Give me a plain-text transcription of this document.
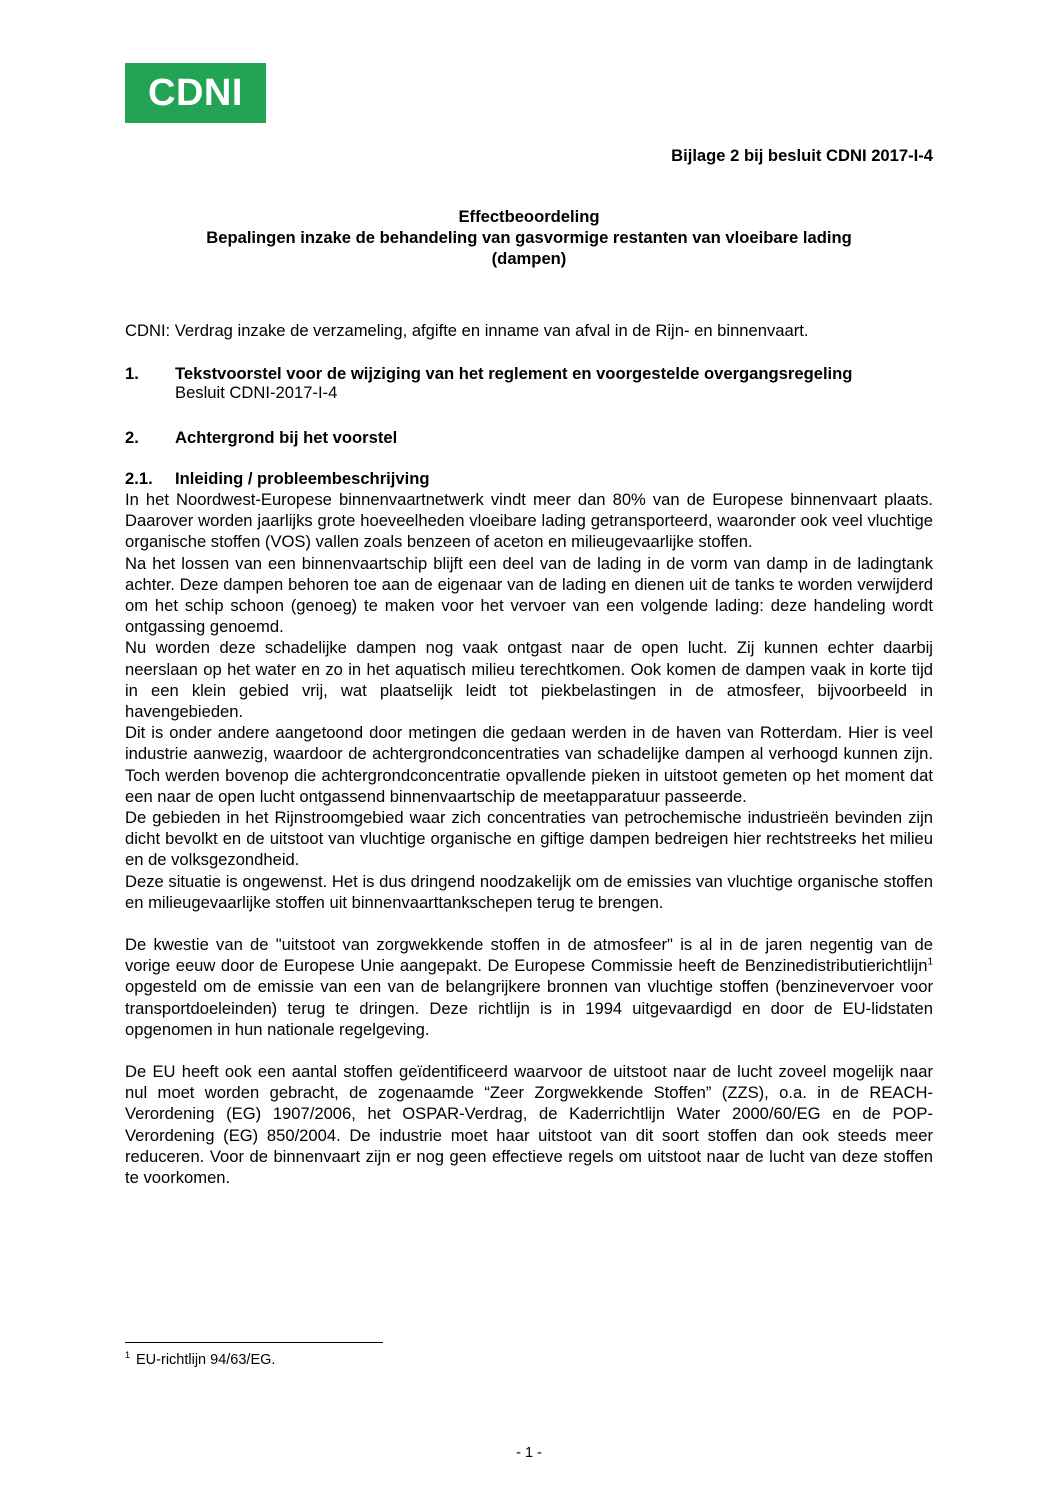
CDNI
Bijlage 2 bij besluit CDNI 2017-I-4
Effectbeoordeling
Bepalingen inzake de behandeling van gasvormige restanten van vloeibare lading
(dampen)
CDNI: Verdrag inzake de verzameling, afgifte en inname van afval in de Rijn- en binnenvaart.
1. Tekstvoorstel voor de wijziging van het reglement en voorgestelde overgangsregeling
Besluit CDNI-2017-I-4
2. Achtergrond bij het voorstel
2.1. Inleiding / probleembeschrijving

In het Noordwest-Europese binnenvaartnetwerk vindt meer dan 80% van de Europese binnenvaart plaats. Daarover worden jaarlijks grote hoeveelheden vloeibare lading getransporteerd, waaronder ook veel vluchtige organische stoffen (VOS) vallen zoals benzeen of aceton en milieugevaarlijke stoffen.

Na het lossen van een binnenvaartschip blijft een deel van de lading in de vorm van damp in de ladingtank achter. Deze dampen behoren toe aan de eigenaar van de lading en dienen uit de tanks te worden verwijderd om het schip schoon (genoeg) te maken voor het vervoer van een volgende lading: deze handeling wordt ontgassing genoemd.

Nu worden deze schadelijke dampen nog vaak ontgast naar de open lucht. Zij kunnen echter daarbij neerslaan op het water en zo in het aquatisch milieu terechtkomen. Ook komen de dampen vaak in korte tijd in een klein gebied vrij, wat plaatselijk leidt tot piekbelastingen in de atmosfeer, bijvoorbeeld in havengebieden.

Dit is onder andere aangetoond door metingen die gedaan werden in de haven van Rotterdam. Hier is veel industrie aanwezig, waardoor de achtergrondconcentraties van schadelijke dampen al verhoogd kunnen zijn. Toch werden bovenop die achtergrondconcentratie opvallende pieken in uitstoot gemeten op het moment dat een naar de open lucht ontgassend binnenvaartschip de meetapparatuur passeerde.

De gebieden in het Rijnstroomgebied waar zich concentraties van petrochemische industrieën bevinden zijn dicht bevolkt en de uitstoot van vluchtige organische en giftige dampen bedreigen hier rechtstreeks het milieu en de volksgezondheid.

Deze situatie is ongewenst. Het is dus dringend noodzakelijk om de emissies van vluchtige organische stoffen en milieugevaarlijke stoffen uit binnenvaarttankschepen terug te brengen.

De kwestie van de "uitstoot van zorgwekkende stoffen in de atmosfeer" is al in de jaren negentig van de vorige eeuw door de Europese Unie aangepakt. De Europese Commissie heeft de Benzinedistributierichtlijn$^1$ opgesteld om de emissie van een van de belangrijkere bronnen van vluchtige stoffen (benzinevervoer voor transportdoeleinden) terug te dringen. Deze richtlijn is in 1994 uitgevaardigd en door de EU-lidstaten opgenomen in hun nationale regelgeving.

De EU heeft ook een aantal stoffen geïdentificeerd waarvoor de uitstoot naar de lucht zoveel mogelijk naar nul moet worden gebracht, de zogenaamde “Zeer Zorgwekkende Stoffen” (ZZS), o.a. in de REACH-Verordening (EG) 1907/2006, het OSPAR-Verdrag, de Kaderrichtlijn Water 2000/60/EG en de POP-Verordening (EG) 850/2004. De industrie moet haar uitstoot van dit soort stoffen dan ook steeds meer reduceren. Voor de binnenvaart zijn er nog geen effectieve regels om uitstoot naar de lucht van deze stoffen te voorkomen.

$^1$ EU-richtlijn 94/63/EG.
- 1 -
